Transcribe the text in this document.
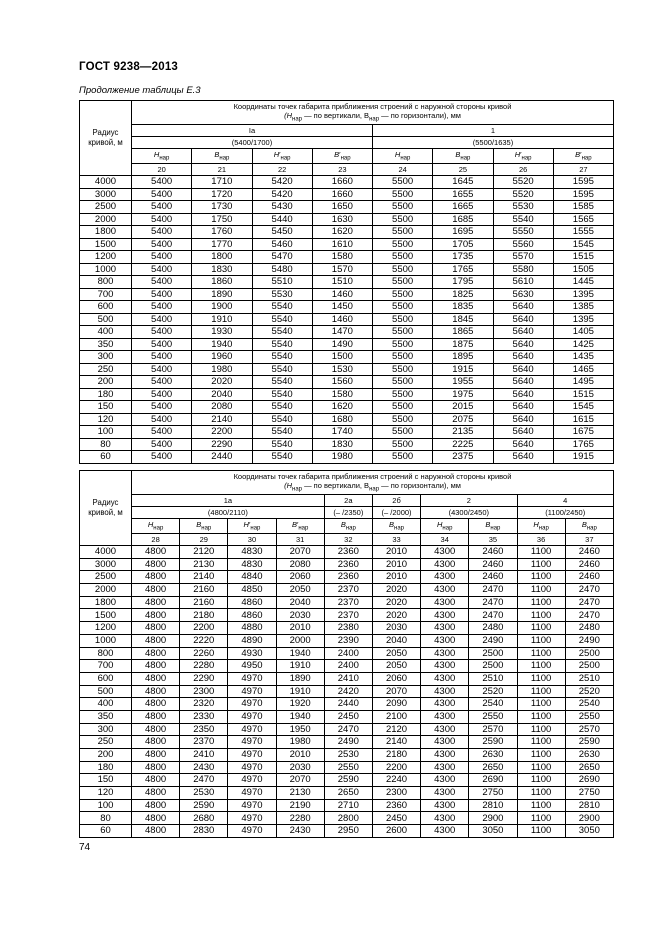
ГОСТ 9238—2013
Продолжение таблицы Е.3
Радиус кривой, м	Координаты точек габарита приближения строений с наружной стороны кривой
($H_{нар}$ — по вертикали, $B_{нар}$ — по горизонтали), мм							
	Ia				1			
	(5400/1700)				(5500/1635)			
	$H_{нар}$	$B_{нар}$	$H'_{нар}$	$B'_{нар}$	$H_{нар}$	$B_{нар}$	$H'_{нар}$	$B'_{нар}$
	20	21	22	23	24	25	26	27
4000	5400	1710	5420	1660	5500	1645	5520	1595
3000	5400	1720	5420	1660	5500	1655	5520	1595
2500	5400	1730	5430	1650	5500	1665	5530	1585
2000	5400	1750	5440	1630	5500	1685	5540	1565
1800	5400	1760	5450	1620	5500	1695	5550	1555
1500	5400	1770	5460	1610	5500	1705	5560	1545
1200	5400	1800	5470	1580	5500	1735	5570	1515
1000	5400	1830	5480	1570	5500	1765	5580	1505
800	5400	1860	5510	1510	5500	1795	5610	1445
700	5400	1890	5530	1460	5500	1825	5630	1395
600	5400	1900	5540	1450	5500	1835	5640	1385
500	5400	1910	5540	1460	5500	1845	5640	1395
400	5400	1930	5540	1470	5500	1865	5640	1405
350	5400	1940	5540	1490	5500	1875	5640	1425
300	5400	1960	5540	1500	5500	1895	5640	1435
250	5400	1980	5540	1530	5500	1915	5640	1465
200	5400	2020	5540	1560	5500	1955	5640	1495
180	5400	2040	5540	1580	5500	1975	5640	1515
150	5400	2080	5540	1620	5500	2015	5640	1545
120	5400	2140	5540	1680	5500	2075	5640	1615
100	5400	2200	5540	1740	5500	2135	5640	1675
80	5400	2290	5540	1830	5500	2225	5640	1765
60	5400	2440	5540	1980	5500	2375	5640	1915
Радиус кривой, м	Координаты точек габарита приближения строений с наружной стороны кривой
($H_{нар}$ — по вертикали, $B_{нар}$ — по горизонтали), мм									
	1а				2а	2б	2		4	
	(4800/2110)				(– /2350)	(– /2000)	(4300/2450)		(1100/2450)	
	$H_{нар}$	$B_{нар}$	$H'_{нар}$	$B'_{нар}$	$B_{нар}$	$B_{нар}$	$H_{нар}$	$B_{нар}$	$H_{нар}$	$B_{нар}$
	28	29	30	31	32	33	34	35	36	37
4000	4800	2120	4830	2070	2360	2010	4300	2460	1100	2460
3000	4800	2130	4830	2080	2360	2010	4300	2460	1100	2460
2500	4800	2140	4840	2060	2360	2010	4300	2460	1100	2460
2000	4800	2160	4850	2050	2370	2020	4300	2470	1100	2470
1800	4800	2160	4860	2040	2370	2020	4300	2470	1100	2470
1500	4800	2180	4860	2030	2370	2020	4300	2470	1100	2470
1200	4800	2200	4880	2010	2380	2030	4300	2480	1100	2480
1000	4800	2220	4890	2000	2390	2040	4300	2490	1100	2490
800	4800	2260	4930	1940	2400	2050	4300	2500	1100	2500
700	4800	2280	4950	1910	2400	2050	4300	2500	1100	2500
600	4800	2290	4970	1890	2410	2060	4300	2510	1100	2510
500	4800	2300	4970	1910	2420	2070	4300	2520	1100	2520
400	4800	2320	4970	1920	2440	2090	4300	2540	1100	2540
350	4800	2330	4970	1940	2450	2100	4300	2550	1100	2550
300	4800	2350	4970	1950	2470	2120	4300	2570	1100	2570
250	4800	2370	4970	1980	2490	2140	4300	2590	1100	2590
200	4800	2410	4970	2010	2530	2180	4300	2630	1100	2630
180	4800	2430	4970	2030	2550	2200	4300	2650	1100	2650
150	4800	2470	4970	2070	2590	2240	4300	2690	1100	2690
120	4800	2530	4970	2130	2650	2300	4300	2750	1100	2750
100	4800	2590	4970	2190	2710	2360	4300	2810	1100	2810
80	4800	2680	4970	2280	2800	2450	4300	2900	1100	2900
60	4800	2830	4970	2430	2950	2600	4300	3050	1100	3050
74
